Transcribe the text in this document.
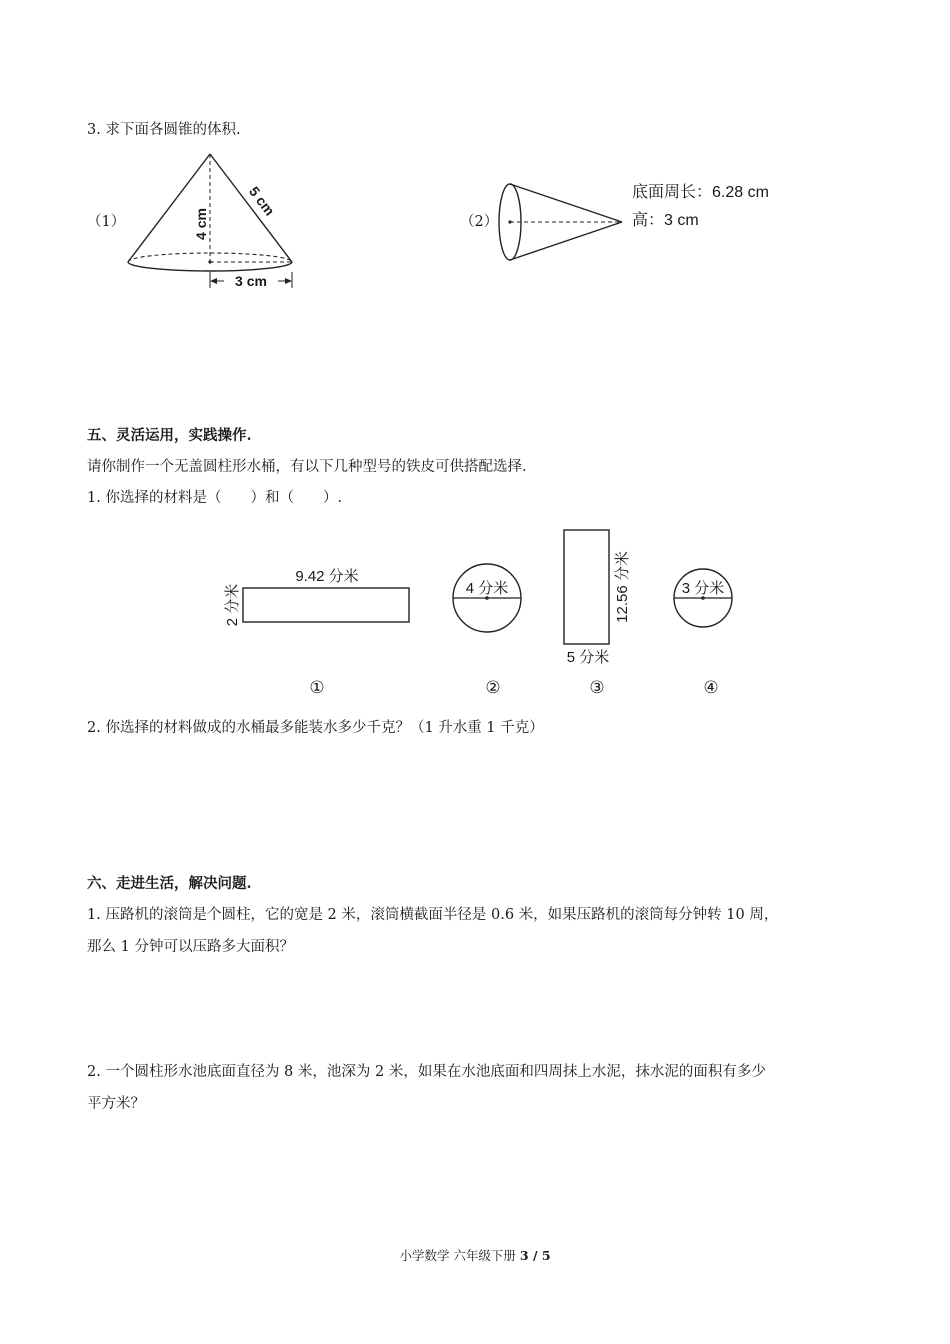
3. 求下面各圆锥的体积.
（1）	4 cm
5 cm
3 cm
（2）
底面周长：6.28 cm
高：3 cm
五、灵活运用，实践操作.
请你制作一个无盖圆柱形水桶，有以下几种型号的铁皮可供搭配选择.
1. 你选择的材料是（　　）和（　　）.
9.42 分米
2 分米
①
4 分米
②
12.56 分米
5 分米
③
3 分米
④
2. 你选择的材料做成的水桶最多能装水多少千克？（1 升水重 1 千克）
六、走进生活，解决问题.
1. 压路机的滚筒是个圆柱，它的宽是 2 米，滚筒横截面半径是 0.6 米，如果压路机的滚筒每分钟转 10 周，
那么 1 分钟可以压路多大面积？
2. 一个圆柱形水池底面直径为 8 米，池深为 2 米，如果在水池底面和四周抹上水泥，抹水泥的面积有多少
平方米？
小学数学 六年级下册 3 / 5
